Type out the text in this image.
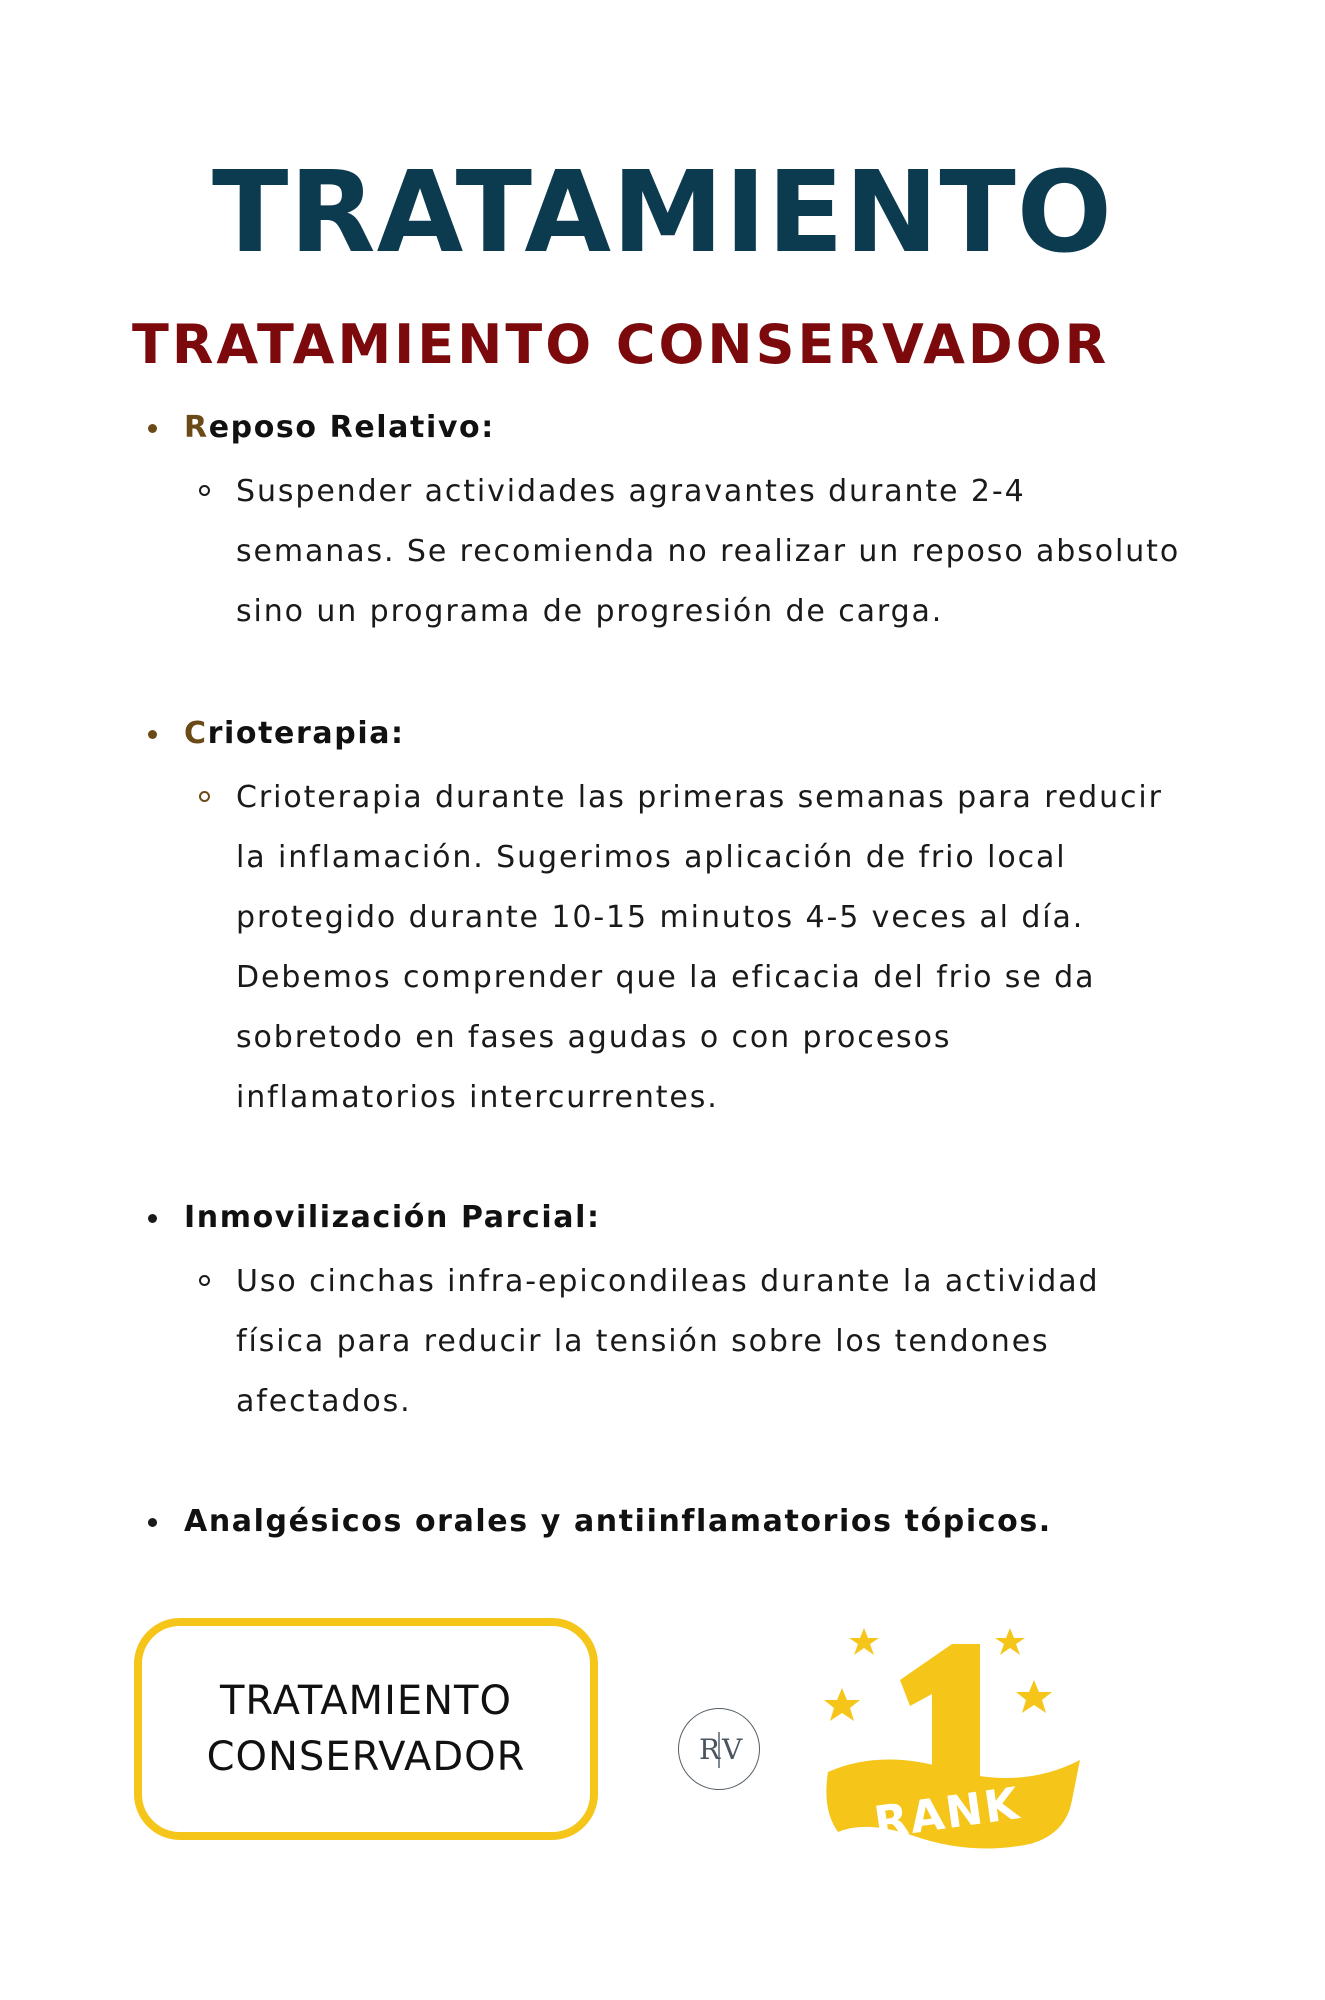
TRATAMIENTO
TRATAMIENTO CONSERVADOR
Reposo Relativo:
Suspender actividades agravantes durante 2-4
semanas. Se recomienda no realizar un reposo absoluto
sino un programa de progresión de carga.
Crioterapia:
Crioterapia durante las primeras semanas para reducir
la inflamación. Sugerimos aplicación de frio local
protegido durante 10-15 minutos 4-5 veces al día.
Debemos comprender que la eficacia del frio se da
sobretodo en fases agudas o con procesos
inflamatorios intercurrentes.
Inmovilización Parcial:
Uso cinchas infra-epicondileas durante la actividad
física para reducir la tensión sobre los tendones
afectados.
Analgésicos orales y antiinflamatorios tópicos.
TRATAMIENTO
CONSERVADOR	R V
RANK
1
